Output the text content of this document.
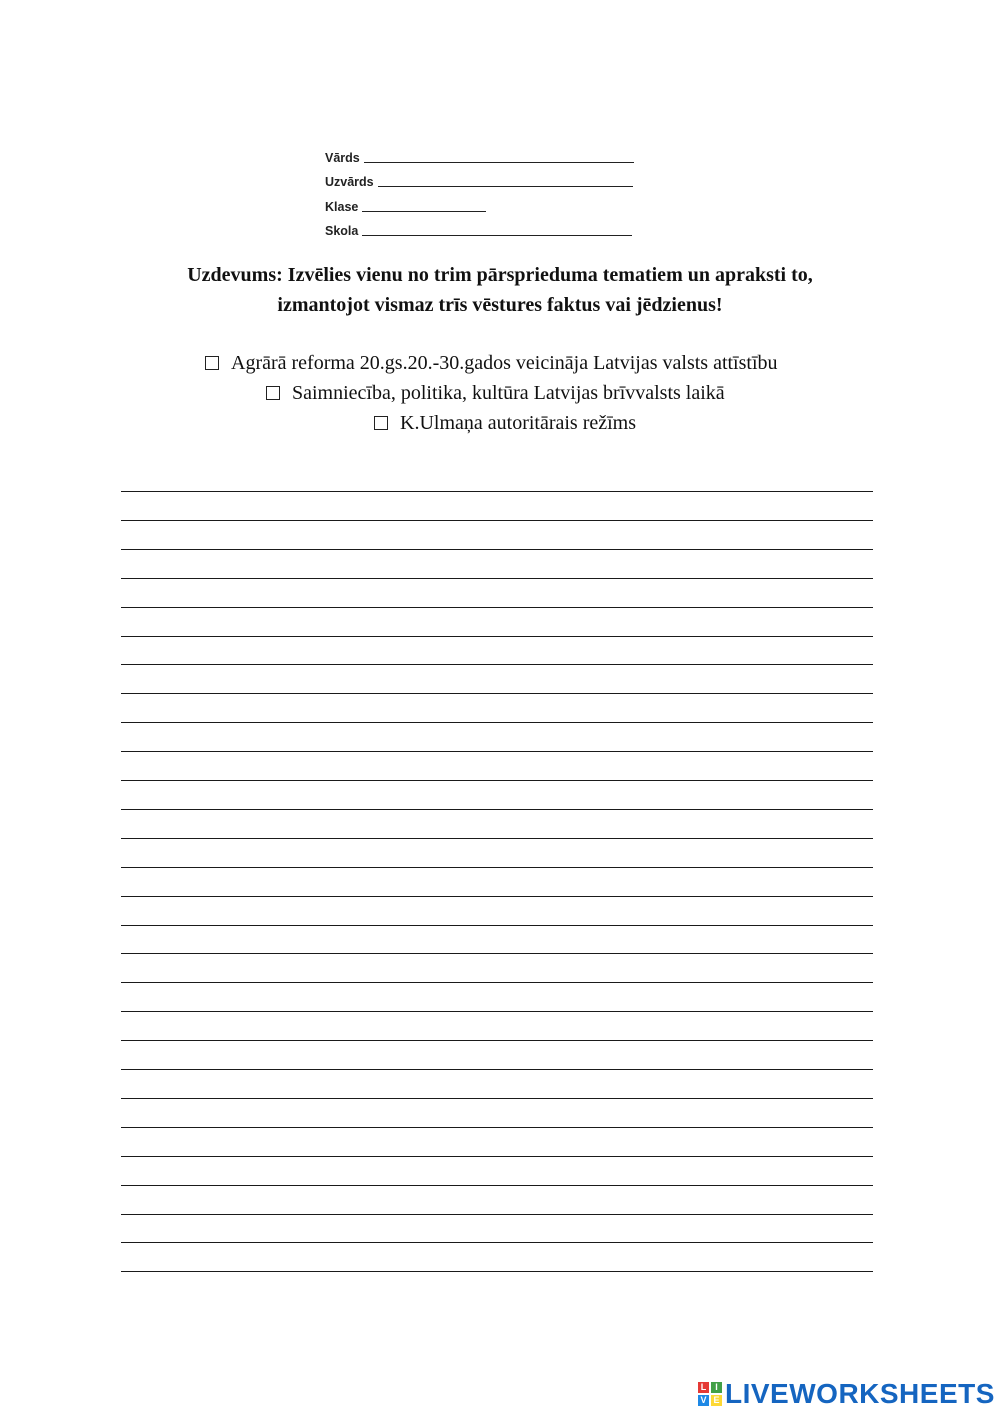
Vārds
Uzvārds
Klase
Skola
Uzdevums: Izvēlies vienu no trim pārsprieduma tematiem un apraksti to,
izmantojot vismaz trīs vēstures faktus vai jēdzienus!
Agrārā reforma 20.gs.20.-30.gados veicināja Latvijas valsts attīstību
Saimniecība, politika, kultūra Latvijas brīvvalsts laikā
K.Ulmaņa autoritārais režīms
L I
V E LIVEWORKSHEETS
